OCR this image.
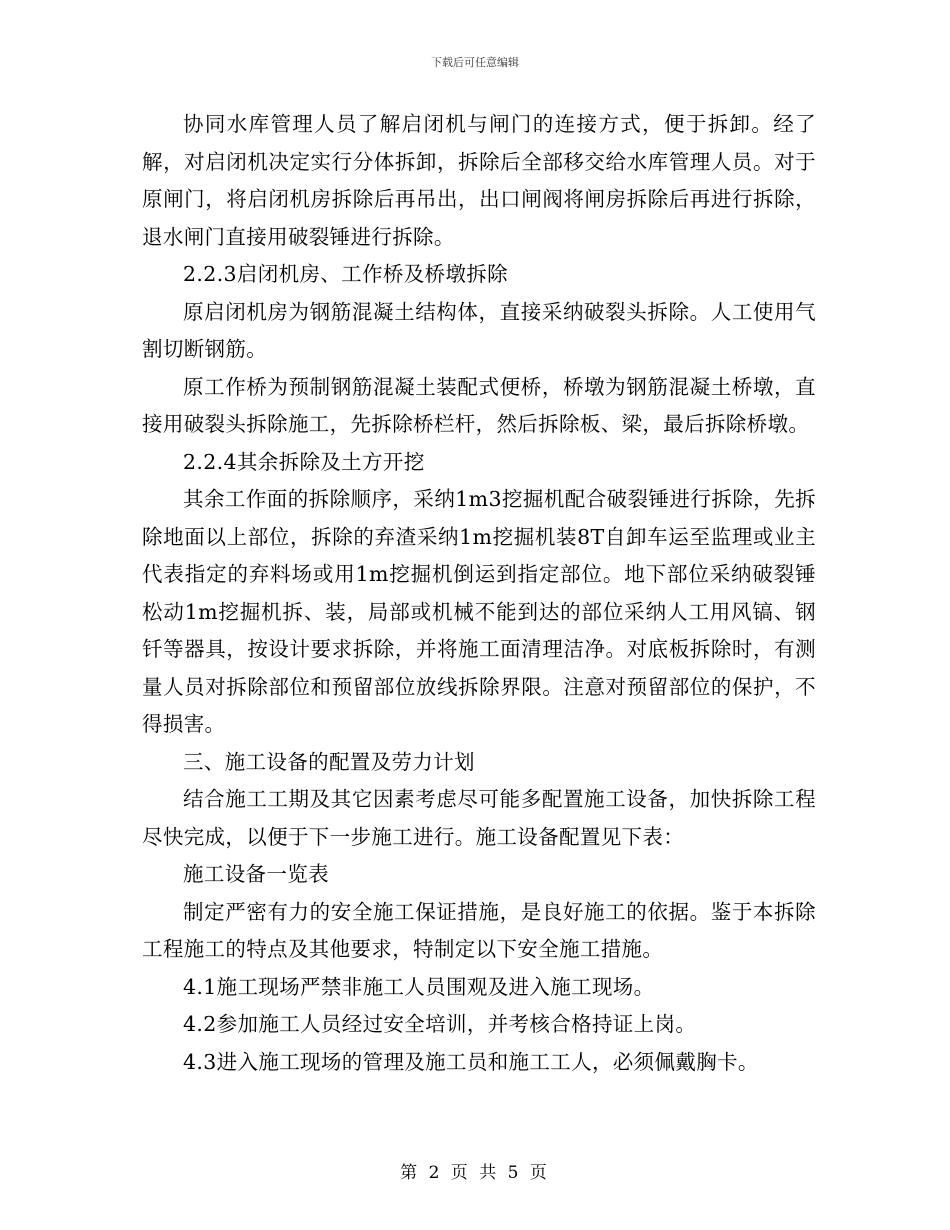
下载后可任意编辑

协同水库管理人员了解启闭机与闸门的连接方式，便于拆卸。经了解，对启闭机决定实行分体拆卸，拆除后全部移交给水库管理人员。对于原闸门，将启闭机房拆除后再吊出，出口闸阀将闸房拆除后再进行拆除，退水闸门直接用破裂锤进行拆除。

2.2.3启闭机房、工作桥及桥墩拆除

原启闭机房为钢筋混凝土结构体，直接采纳破裂头拆除。人工使用气割切断钢筋。

原工作桥为预制钢筋混凝土装配式便桥，桥墩为钢筋混凝土桥墩，直接用破裂头拆除施工，先拆除桥栏杆，然后拆除板、梁，最后拆除桥墩。

2.2.4其余拆除及土方开挖

其余工作面的拆除顺序，采纳1m3挖掘机配合破裂锤进行拆除，先拆除地面以上部位，拆除的弃渣采纳1m挖掘机装8T自卸车运至监理或业主代表指定的弃料场或用1m挖掘机倒运到指定部位。地下部位采纳破裂锤松动1m挖掘机拆、装，局部或机械不能到达的部位采纳人工用风镐、钢钎等器具，按设计要求拆除，并将施工面清理洁净。对底板拆除时，有测量人员对拆除部位和预留部位放线拆除界限。注意对预留部位的保护，不得损害。

三、施工设备的配置及劳力计划

结合施工工期及其它因素考虑尽可能多配置施工设备，加快拆除工程尽快完成，以便于下一步施工进行。施工设备配置见下表：

施工设备一览表

制定严密有力的安全施工保证措施，是良好施工的依据。鉴于本拆除工程施工的特点及其他要求，特制定以下安全施工措施。

4.1施工现场严禁非施工人员围观及进入施工现场。

4.2参加施工人员经过安全培训，并考核合格持证上岗。

4.3进入施工现场的管理及施工员和施工工人，必须佩戴胸卡。

第 2 页 共 5 页
